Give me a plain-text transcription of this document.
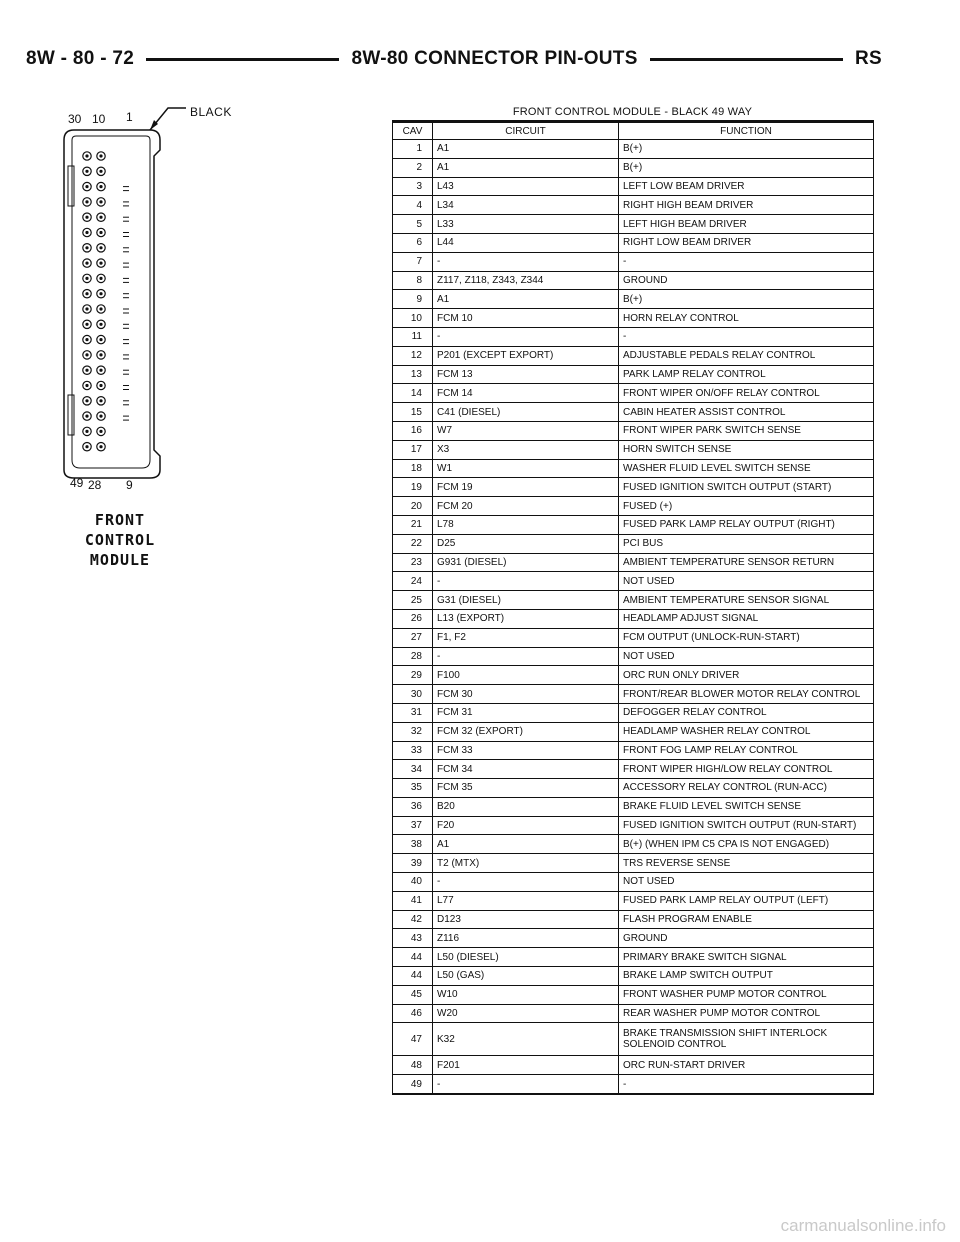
8W - 80 - 72	8W-80 CONNECTOR PIN-OUTS	RS
30 10 1
49 28 9
BLACK
FRONT
CONTROL
MODULE
FRONT CONTROL MODULE - BLACK 49 WAY
CAV	CIRCUIT	FUNCTION
1	A1	B(+)
2	A1	B(+)
3	L43	LEFT LOW BEAM DRIVER
4	L34	RIGHT HIGH BEAM DRIVER
5	L33	LEFT HIGH BEAM DRIVER
6	L44	RIGHT LOW BEAM DRIVER
7	-	-
8	Z117, Z118, Z343, Z344	GROUND
9	A1	B(+)
10	FCM 10	HORN RELAY CONTROL
11	-	-
12	P201 (EXCEPT EXPORT)	ADJUSTABLE PEDALS RELAY CONTROL
13	FCM 13	PARK LAMP RELAY CONTROL
14	FCM 14	FRONT WIPER ON/OFF RELAY CONTROL
15	C41 (DIESEL)	CABIN HEATER ASSIST CONTROL
16	W7	FRONT WIPER PARK SWITCH SENSE
17	X3	HORN SWITCH SENSE
18	W1	WASHER FLUID LEVEL SWITCH SENSE
19	FCM 19	FUSED IGNITION SWITCH OUTPUT (START)
20	FCM 20	FUSED (+)
21	L78	FUSED PARK LAMP RELAY OUTPUT (RIGHT)
22	D25	PCI BUS
23	G931 (DIESEL)	AMBIENT TEMPERATURE SENSOR RETURN
24	-	NOT USED
25	G31 (DIESEL)	AMBIENT TEMPERATURE SENSOR SIGNAL
26	L13 (EXPORT)	HEADLAMP ADJUST SIGNAL
27	F1, F2	FCM OUTPUT (UNLOCK-RUN-START)
28	-	NOT USED
29	F100	ORC RUN ONLY DRIVER
30	FCM 30	FRONT/REAR BLOWER MOTOR RELAY CONTROL
31	FCM 31	DEFOGGER RELAY CONTROL
32	FCM 32 (EXPORT)	HEADLAMP WASHER RELAY CONTROL
33	FCM 33	FRONT FOG LAMP RELAY CONTROL
34	FCM 34	FRONT WIPER HIGH/LOW RELAY CONTROL
35	FCM 35	ACCESSORY RELAY CONTROL (RUN-ACC)
36	B20	BRAKE FLUID LEVEL SWITCH SENSE
37	F20	FUSED IGNITION SWITCH OUTPUT (RUN-START)
38	A1	B(+) (WHEN IPM C5 CPA IS NOT ENGAGED)
39	T2 (MTX)	TRS REVERSE SENSE
40	-	NOT USED
41	L77	FUSED PARK LAMP RELAY OUTPUT (LEFT)
42	D123	FLASH PROGRAM ENABLE
43	Z116	GROUND
44	L50 (DIESEL)	PRIMARY BRAKE SWITCH SIGNAL
44	L50 (GAS)	BRAKE LAMP SWITCH OUTPUT
45	W10	FRONT WASHER PUMP MOTOR CONTROL
46	W20	REAR WASHER PUMP MOTOR CONTROL
47	K32	BRAKE TRANSMISSION SHIFT INTERLOCK SOLENOID CONTROL
48	F201	ORC RUN-START DRIVER
49	-	-
carmanualsonline.info
